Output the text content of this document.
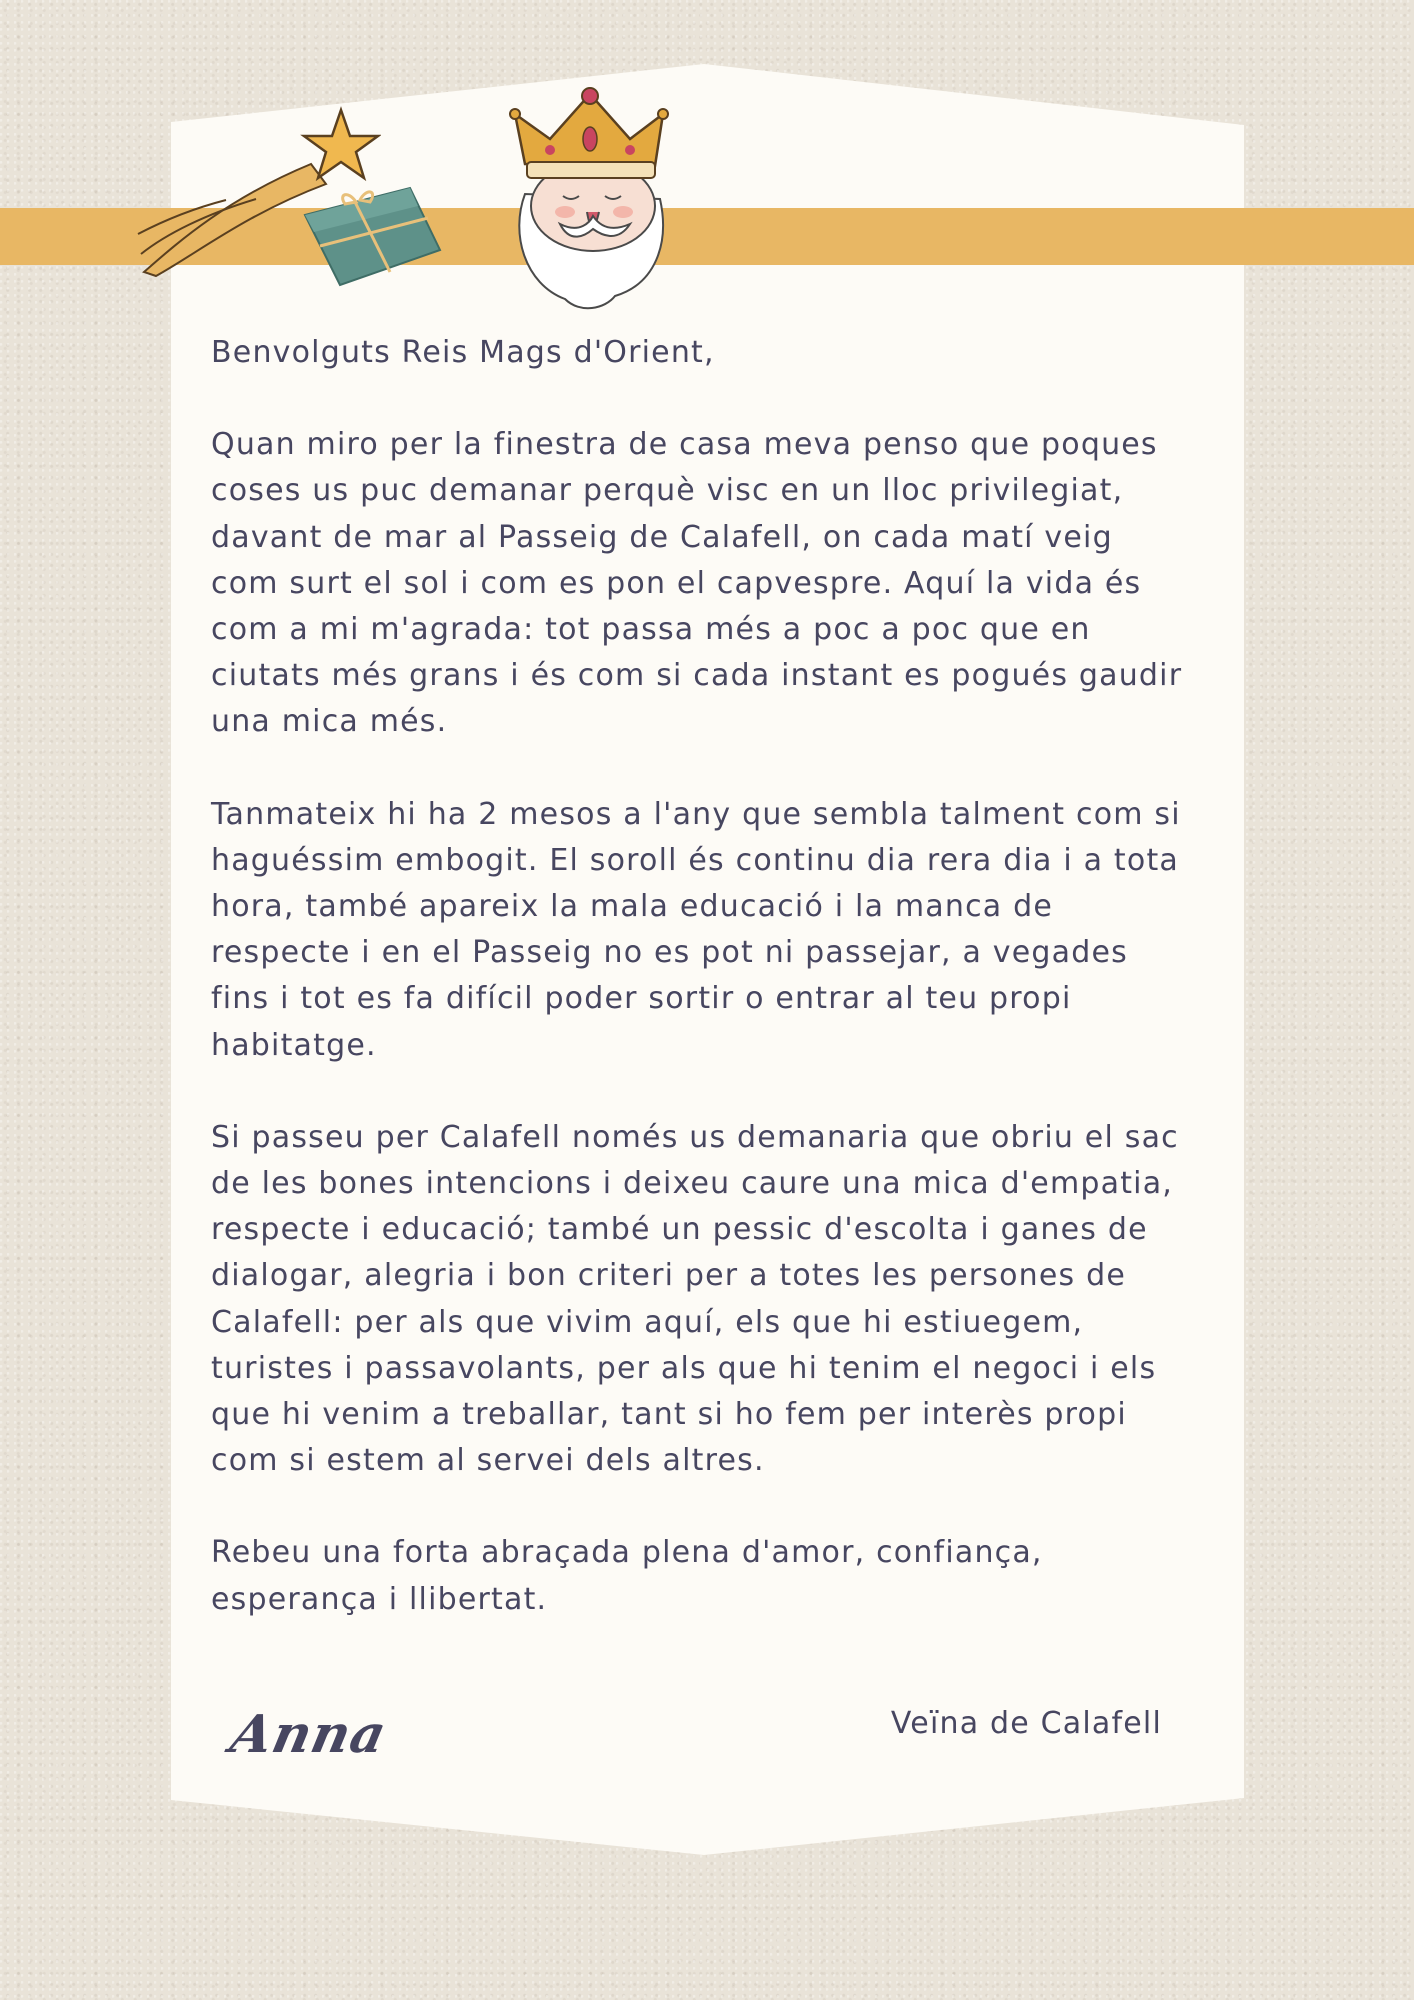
Benvolguts Reis Mags d'Orient,

Quan miro per la finestra de casa meva penso que poques coses us puc demanar perquè visc en un lloc privilegiat, davant de mar al Passeig de Calafell, on cada matí veig com surt el sol i com es pon el capvespre. Aquí la vida és com a mi m'agrada: tot passa més a poc a poc que en ciutats més grans i és com si cada instant es pogués gaudir una mica més.

Tanmateix hi ha 2 mesos a l'any que sembla talment com si haguéssim embogit. El soroll és continu dia rera dia i a tota hora, també apareix la mala educació i la manca de respecte i en el Passeig no es pot ni passejar, a vegades fins i tot es fa difícil poder sortir o entrar al teu propi habitatge.

Si passeu per Calafell només us demanaria que obriu el sac de les bones intencions i deixeu caure una mica d'empatia, respecte i educació; també un pessic d'escolta i ganes de dialogar, alegria i bon criteri per a totes les persones de Calafell: per als que vivim aquí, els que hi estiuegem, turistes i passavolants, per als que hi tenim el negoci i els que hi venim a treballar, tant si ho fem per interès propi com si estem al servei dels altres.

Rebeu una forta abraçada plena d'amor, confiança, esperança i llibertat.

Anna	Veïna de Calafell
